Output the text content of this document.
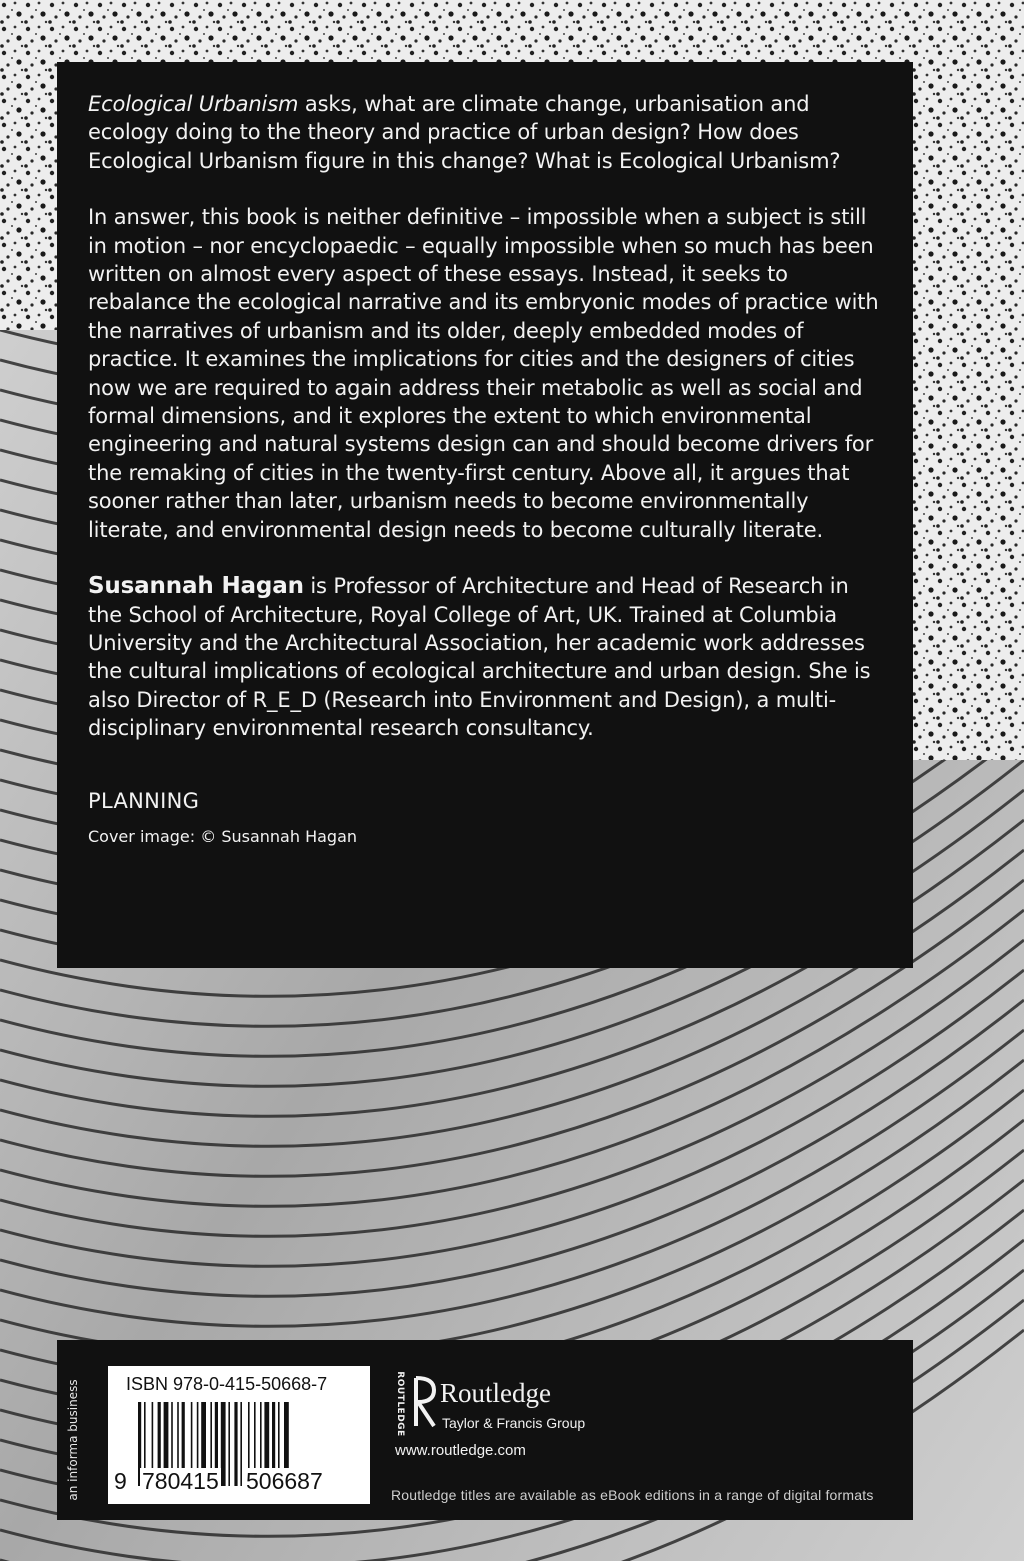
Ecological Urbanism asks, what are climate change, urbanisation and ecology doing to the theory and practice of urban design? How does Ecological Urbanism figure in this change? What is Ecological Urbanism?

In answer, this book is neither definitive – impossible when a subject is still in motion – nor encyclopaedic – equally impossible when so much has been written on almost every aspect of these essays. Instead, it seeks to rebalance the ecological narrative and its embryonic modes of practice with the narratives of urbanism and its older, deeply embedded modes of practice. It examines the implications for cities and the designers of cities now we are required to again address their metabolic as well as social and formal dimensions, and it explores the extent to which environmental engineering and natural systems design can and should become drivers for the remaking of cities in the twenty-first century. Above all, it argues that sooner rather than later, urbanism needs to become environmentally literate, and environmental design needs to become culturally literate.

Susannah Hagan is Professor of Architecture and Head of Research in the School of Architecture, Royal College of Art, UK. Trained at Columbia University and the Architectural Association, her academic work addresses the cultural implications of ecological architecture and urban design. She is also Director of R_E_D (Research into Environment and Design), a multi-disciplinary environmental research consultancy.

PLANNING
Cover image: © Susannah Hagan
an informa business	ISBN 978-0-415-50668-7
9 780415 506687
ROUTLEDGE Routledge
Taylor & Francis Group
www.routledge.com
Routledge titles are available as eBook editions in a range of digital formats
